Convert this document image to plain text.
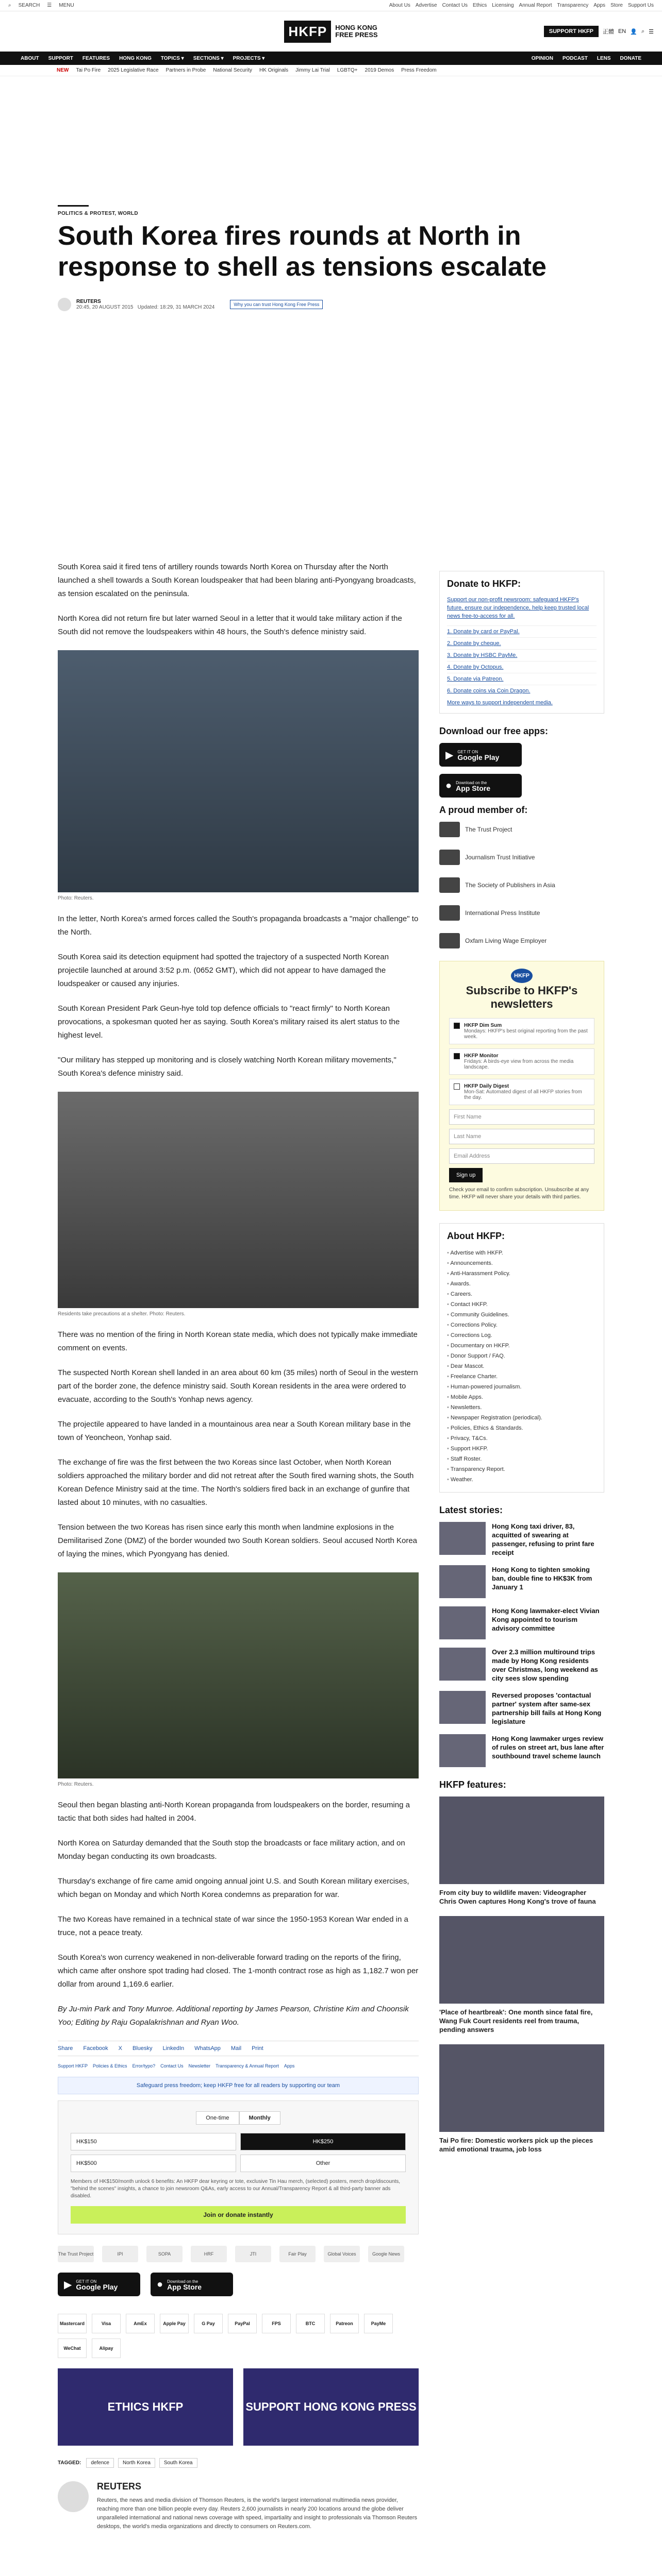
⌕ SEARCH ☰ MENU	About Us Advertise Contact Us Ethics Licensing Annual Report Transparency Apps Store Support Us
HKFP	HONG KONG
FREE PRESS	SUPPORT HKFP	正體 EN 👤 ⌕ ☰
ABOUT SUPPORT FEATURES HONG KONG TOPICS ▾ SECTIONS ▾ PROJECTS ▾	OPINION PODCAST LENS DONATE
NEW Tai Po Fire 2025 Legislative Race Partners in Probe National Security HK Originals Jimmy Lai Trial LGBTQ+ 2019 Demos Press Freedom
POLITICS & PROTEST, WORLD
South Korea fires rounds at North in response to shell as tensions escalate
REUTERS
20:45, 20 AUGUST 2015 Updated: 18:29, 31 MARCH 2024	Why you can trust Hong Kong Free Press

South Korea said it fired tens of artillery rounds towards North Korea on Thursday after the North launched a shell towards a South Korean loudspeaker that had been blaring anti-Pyongyang broadcasts, as tension escalated on the peninsula.

North Korea did not return fire but later warned Seoul in a letter that it would take military action if the South did not remove the loudspeakers within 48 hours, the South's defence ministry said.

Photo: Reuters.

In the letter, North Korea's armed forces called the South's propaganda broadcasts a "major challenge" to the North.

South Korea said its detection equipment had spotted the trajectory of a suspected North Korean projectile launched at around 3:52 p.m. (0652 GMT), which did not appear to have damaged the loudspeaker or caused any injuries.

South Korean President Park Geun-hye told top defence officials to "react firmly" to North Korean provocations, a spokesman quoted her as saying. South Korea's military raised its alert status to the highest level.

"Our military has stepped up monitoring and is closely watching North Korean military movements," South Korea's defence ministry said.

Residents take precautions at a shelter. Photo: Reuters.

There was no mention of the firing in North Korean state media, which does not typically make immediate comment on events.

The suspected North Korean shell landed in an area about 60 km (35 miles) north of Seoul in the western part of the border zone, the defence ministry said. South Korean residents in the area were ordered to evacuate, according to the South's Yonhap news agency.

The projectile appeared to have landed in a mountainous area near a South Korean military base in the town of Yeoncheon, Yonhap said.

The exchange of fire was the first between the two Koreas since last October, when North Korean soldiers approached the military border and did not retreat after the South fired warning shots, the South Korean Defence Ministry said at the time. The North's soldiers fired back in an exchange of gunfire that lasted about 10 minutes, with no casualties.

Tension between the two Koreas has risen since early this month when landmine explosions in the Demilitarised Zone (DMZ) of the border wounded two South Korean soldiers. Seoul accused North Korea of laying the mines, which Pyongyang has denied.

Photo: Reuters.

Seoul then began blasting anti-North Korean propaganda from loudspeakers on the border, resuming a tactic that both sides had halted in 2004.

North Korea on Saturday demanded that the South stop the broadcasts or face military action, and on Monday began conducting its own broadcasts.

Thursday's exchange of fire came amid ongoing annual joint U.S. and South Korean military exercises, which began on Monday and which North Korea condemns as preparation for war.

The two Koreas have remained in a technical state of war since the 1950-1953 Korean War ended in a truce, not a peace treaty.

South Korea's won currency weakened in non-deliverable forward trading on the reports of the firing, which came after onshore spot trading had closed. The 1-month contract rose as high as 1,182.7 won per dollar from around 1,169.6 earlier.

By Ju-min Park and Tony Munroe. Additional reporting by James Pearson, Christine Kim and Choonsik Yoo; Editing by Raju Gopalakrishnan and Ryan Woo.

Share Facebook X Bluesky LinkedIn WhatsApp Mail Print
Support HKFP Policies & Ethics Error/typo? Contact Us Newsletter Transparency & Annual Report Apps
Safeguard press freedom; keep HKFP free for all readers by supporting our team
One-time	Monthly
HK$150	HK$250
HK$500	Other
Members of HK$150/month unlock 6 benefits: An HKFP dear keyring or tote, exclusive Tin Hau merch, (selected) posters, merch drop/discounts, "behind the scenes" insights, a chance to join newsroom Q&As, early access to our Annual/Transparency Report & all third-party banner ads disabled.
Join or donate instantly
The Trust Project	IPI	SOPA	HRF	JTI	Fair Play	Global Voices	Google News
▶ GET IT ON
Google Play	● Download on the
App Store
Mastercard	Visa	AmEx	Apple Pay	G Pay	PayPal	FPS	BTC	Patreon	PayMe
WeChat	Alipay
ETHICS HKFP	SUPPORT HONG KONG PRESS
TAGGED:	defence	North Korea	South Korea
REUTERS

Reuters, the news and media division of Thomson Reuters, is the world's largest international multimedia news provider, reaching more than one billion people every day. Reuters 2,600 journalists in nearly 200 locations around the globe deliver unparalleled international and national news coverage with speed, impartiality and insight to professionals via Thomson Reuters desktops, the world's media organizations and directly to consumers on Reuters.com.

Donate to HKFP:

Support our non-profit newsroom: safeguard HKFP's future, ensure our independence, help keep trusted local news free-to-access for all.

1. Donate by card or PayPal.
2. Donate by cheque.
3. Donate by HSBC PayMe.
4. Donate by Octopus.
5. Donate via Patreon.
6. Donate coins via Coin Dragon.

More ways to support independent media.

Download our free apps:
▶ GET IT ON
Google Play
● Download on the
App Store
A proud member of:
The Trust Project
Journalism Trust Initiative
The Society of Publishers in Asia
International Press Institute
Oxfam Living Wage Employer
HKFP
Subscribe to HKFP's newsletters
HKFP Dim Sum
Mondays: HKFP's best original reporting from the past week.
HKFP Monitor
Fridays: A birds-eye view from across the media landscape.
HKFP Daily Digest
Mon-Sat: Automated digest of all HKFP stories from the day.
First Name
Last Name
Email Address
Sign up

Check your email to confirm subscription. Unsubscribe at any time. HKFP will never share your details with third parties.

About HKFP:
• Advertise with HKFP.
• Announcements.
• Anti-Harassment Policy.
• Awards.
• Careers.
• Contact HKFP.
• Community Guidelines.
• Corrections Policy.
• Corrections Log.
• Documentary on HKFP.
• Donor Support / FAQ.
• Dear Mascot.
• Freelance Charter.
• Human-powered journalism.
• Mobile Apps.
• Newsletters.
• Newspaper Registration (periodical).
• Policies, Ethics & Standards.
• Privacy, T&Cs.
• Support HKFP.
• Staff Roster.
• Transparency Report.
• Weather.
Latest stories:
Hong Kong taxi driver, 83, acquitted of swearing at passenger, refusing to print fare receipt
Hong Kong to tighten smoking ban, double fine to HK$3K from January 1
Hong Kong lawmaker-elect Vivian Kong appointed to tourism advisory committee
Over 2.3 million multiround trips made by Hong Kong residents over Christmas, long weekend as city sees slow spending
Reversed proposes 'contactual partner' system after same-sex partnership bill fails at Hong Kong legislature
Hong Kong lawmaker urges review of rules on street art, bus lane after southbound travel scheme launch
HKFP features:
From city buy to wildlife maven: Videographer Chris Owen captures Hong Kong's trove of fauna
'Place of heartbreak': One month since fatal fire, Wang Fuk Court residents reel from trauma, pending answers
Tai Po fire: Domestic workers pick up the pieces amid emotional trauma, job loss
